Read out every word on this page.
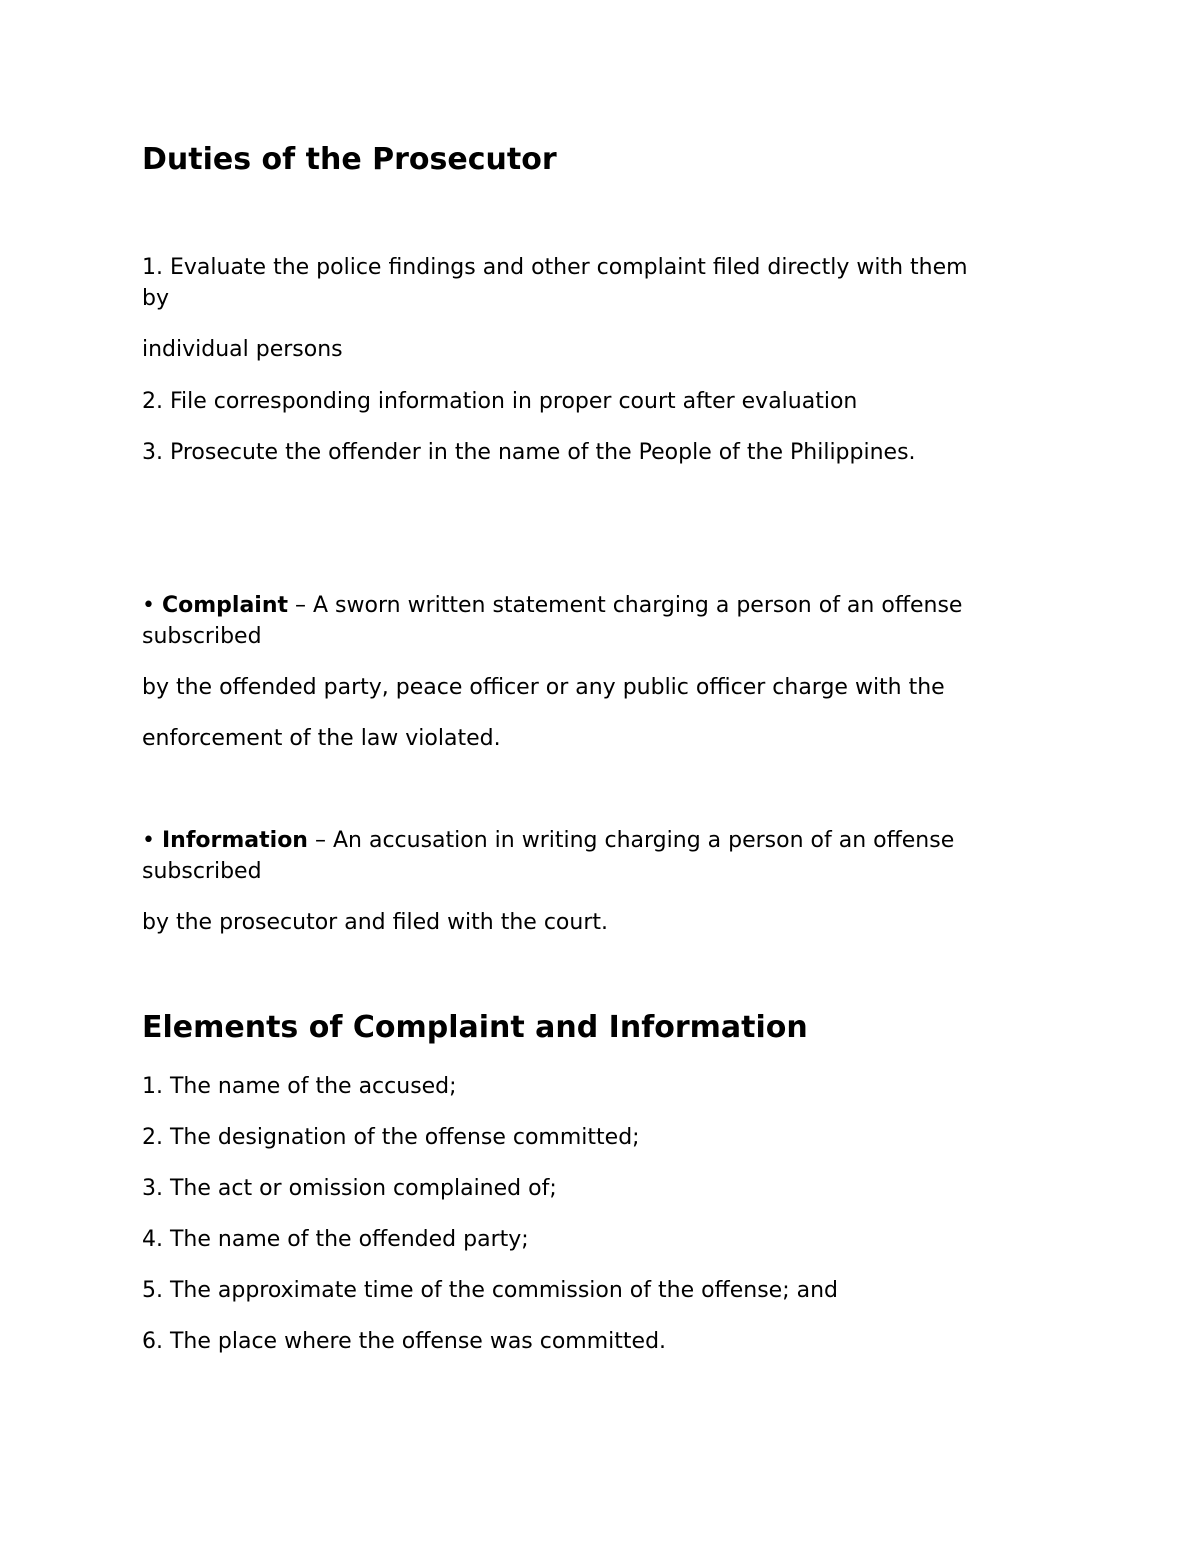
Duties of the Prosecutor
1. Evaluate the police findings and other complaint filed directly with them
by
individual persons
2. File corresponding information in proper court after evaluation
3. Prosecute the offender in the name of the People of the Philippines.
• Complaint – A sworn written statement charging a person of an offense
subscribed
by the offended party, peace officer or any public officer charge with the
enforcement of the law violated.
• Information – An accusation in writing charging a person of an offense
subscribed
by the prosecutor and filed with the court.
Elements of Complaint and Information
1. The name of the accused;
2. The designation of the offense committed;
3. The act or omission complained of;
4. The name of the offended party;
5. The approximate time of the commission of the offense; and
6. The place where the offense was committed.
